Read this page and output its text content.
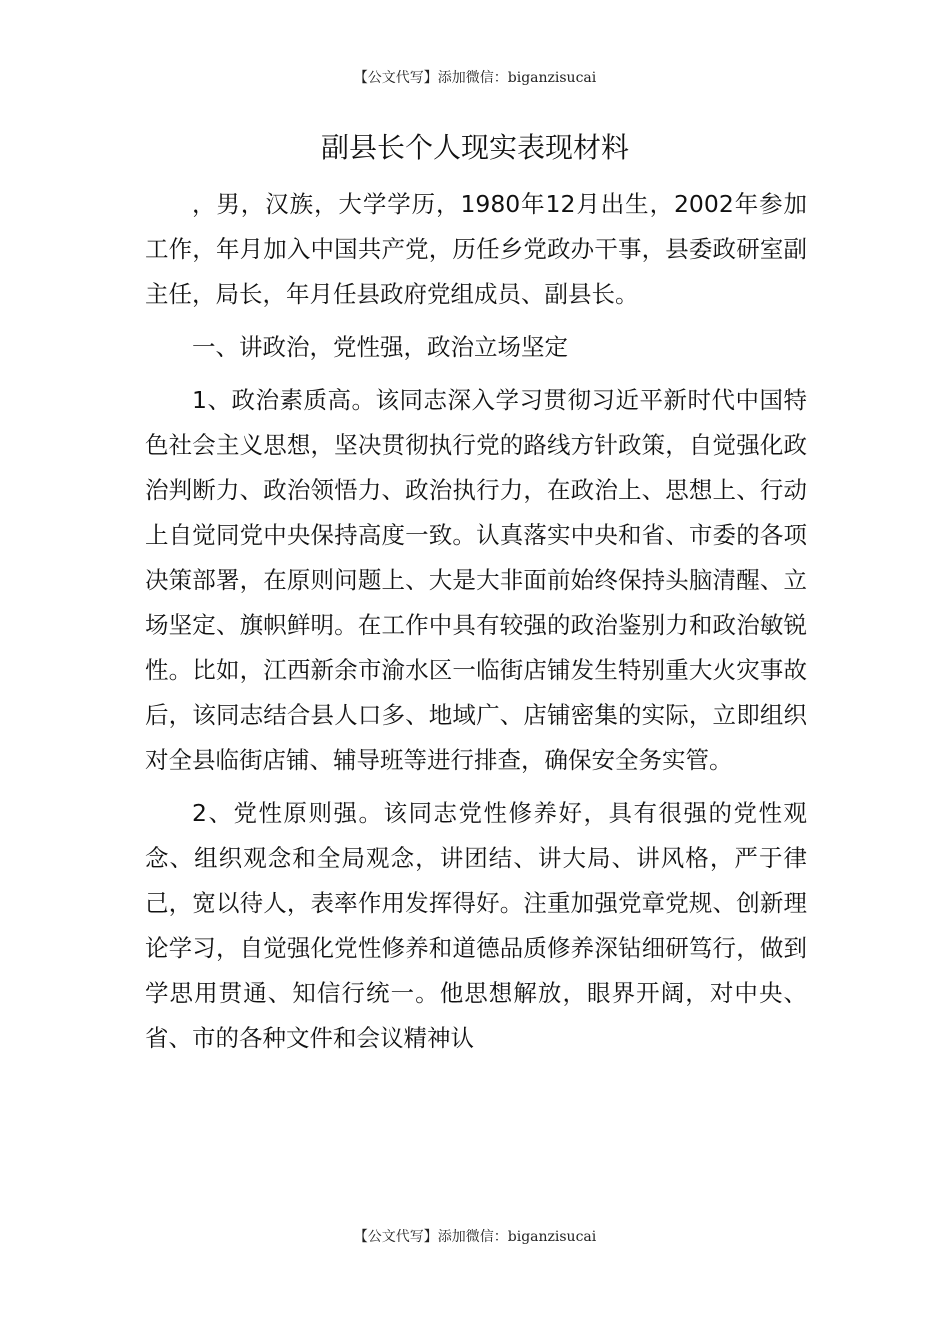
【公文代写】添加微信：biganzisucai
副县长个人现实表现材料

，男，汉族，大学学历，1980年12月出生，2002年参加工作，年月加入中国共产党，历任乡党政办干事，县委政研室副主任，局长，年月任县政府党组成员、副县长。

一、讲政治，党性强，政治立场坚定

1、政治素质高。该同志深入学习贯彻习近平新时代中国特色社会主义思想，坚决贯彻执行党的路线方针政策，自觉强化政治判断力、政治领悟力、政治执行力，在政治上、思想上、行动上自觉同党中央保持高度一致。认真落实中央和省、市委的各项决策部署，在原则问题上、大是大非面前始终保持头脑清醒、立场坚定、旗帜鲜明。在工作中具有较强的政治鉴别力和政治敏锐性。比如，江西新余市渝水区一临街店铺发生特别重大火灾事故后，该同志结合县人口多、地域广、店铺密集的实际，立即组织对全县临街店铺、辅导班等进行排查，确保安全务实管。

2、党性原则强。该同志党性修养好，具有很强的党性观念、组织观念和全局观念，讲团结、讲大局、讲风格，严于律己，宽以待人，表率作用发挥得好。注重加强党章党规、创新理论学习，自觉强化党性修养和道德品质修养深钻细研笃行，做到学思用贯通、知信行统一。他思想解放，眼界开阔，对中央、省、市的各种文件和会议精神认

【公文代写】添加微信：biganzisucai
